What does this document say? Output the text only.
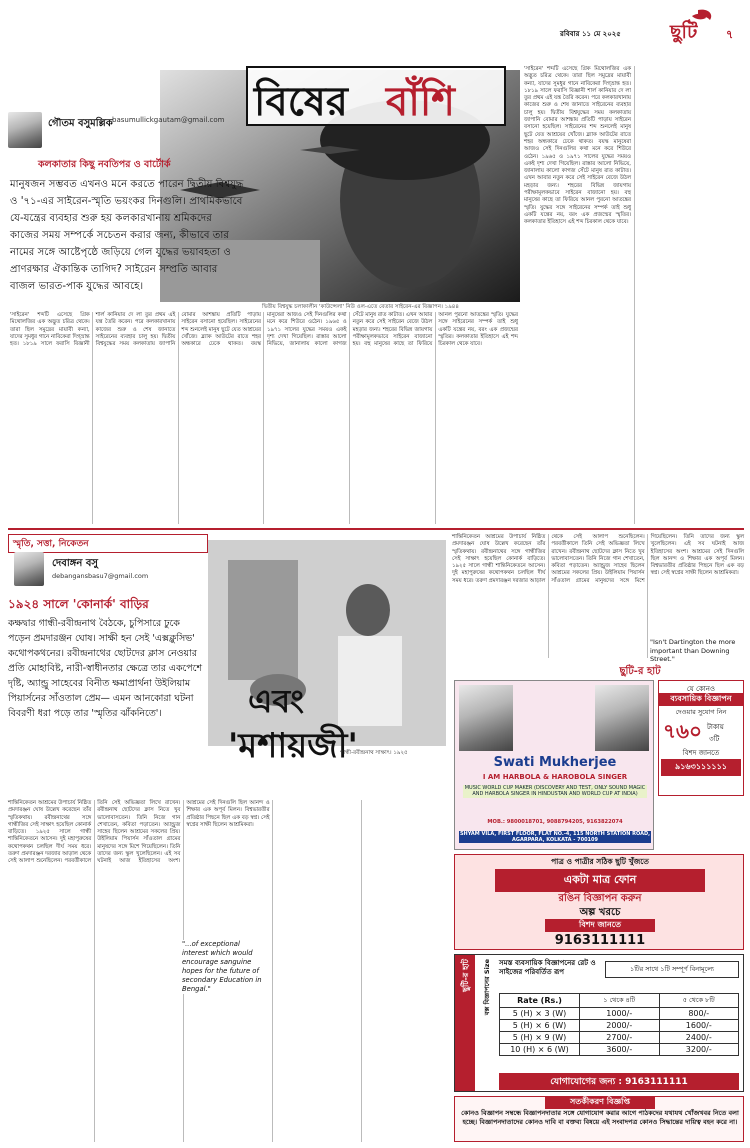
রবিবার ১১ মে ২০২৫	ছুটি	৭
বিষের বাঁশি
গৌতম বসুমল্লিক basumullickgautam@gmail.com
কলকাতার কিছু নবতিপর ও বার্টোর্ক
মানুষজন সম্ভবত এখনও মনে করতে পারেন দ্বিতীয় বিশ্বযুদ্ধ ও '৭১-এর সাইরেন-স্মৃতি ভয়ংকর দিনগুলি। প্রাথমিকভাবে যে-যন্ত্রের ব্যবহার শুরু হয় কলকারখানায় শ্রমিকদের কাজের সময় সম্পর্কে সচেতন করার জন্য, কীভাবে তার নামের সঙ্গে আষ্টেপৃষ্ঠে জড়িয়ে গেল যুদ্ধের ভয়াবহতা ও প্রাণরক্ষার ঐকান্তিক তাগিদ? সাইরেন সম্প্রতি আবার বাজল ভারত-পাক যুদ্ধের আবহে।
দ্বিতীয় বিশ্বযুদ্ধ চলাকালীন 'কাউন্সেলা' নিউ ওল-এতে বেতার সাইরেন-এর বিজ্ঞাপন। ১৯৪৪

'সাইরেন' শব্দটি এসেছে গ্রিক মিথোলজির এক অদ্ভুত চরিত্র থেকে। তারা ছিল সমুদ্রের মায়াবী কন্যা, যাদের সুমধুর গানে নাবিকেরা দিগ্ভ্রান্ত হত। ১৮১৯ সালে ফরাসি বিজ্ঞানী শার্ল কানিয়ার দে লা তুর প্রথম এই যন্ত্র তৈরি করেন। পরে কলকারখানায় কাজের শুরু ও শেষ জানাতে সাইরেনের ব্যবহার চালু হয়। দ্বিতীয় বিশ্বযুদ্ধের সময় কলকাতায় জাপানি বোমার আশঙ্কায় প্রতিটি পাড়ায় সাইরেন বসানো হয়েছিল। সাইরেনের শব্দ শুনলেই মানুষ ছুটে যেত আশ্রয়ের খোঁজে। ব্ল্যাক আউটের রাতে শহর অন্ধকারে ঢেকে থাকত। বয়স্ক মানুষেরা আজও সেই দিনগুলির কথা মনে করে শিউরে ওঠেন। ১৯৬৫ ও ১৯৭১ সালের যুদ্ধের সময়ও একই দৃশ্য দেখা গিয়েছিল। রাস্তার আলো নিভিয়ে, জানালায় কালো কাগজ সেঁটে মানুষ রাত কাটাত। এখন আবার নতুন করে সেই সাইরেন বেজে উঠল মহড়ার জন্য। শহরের বিভিন্ন জায়গায় পরীক্ষামূলকভাবে সাইরেন বাজানো হয়। বহু মানুষের কাছে তা ফিরিয়ে আনল পুরনো আতঙ্কের স্মৃতি। যুদ্ধের সঙ্গে সাইরেনের সম্পর্ক তাই শুধু একটি যন্ত্রের নয়, বরং এক প্রজন্মের স্মৃতির। কলকাতার ইতিহাসে এই শব্দ চিরকাল থেকে যাবে।

'সাইরেন' শব্দটি এসেছে গ্রিক মিথোলজির এক অদ্ভুত চরিত্র থেকে। তারা ছিল সমুদ্রের মায়াবী কন্যা, যাদের সুমধুর গানে নাবিকেরা দিগ্ভ্রান্ত হত। ১৮১৯ সালে ফরাসি বিজ্ঞানী শার্ল কানিয়ার দে লা তুর প্রথম এই যন্ত্র তৈরি করেন। পরে কলকারখানায় কাজের শুরু ও শেষ জানাতে সাইরেনের ব্যবহার চালু হয়। দ্বিতীয় বিশ্বযুদ্ধের সময় কলকাতায় জাপানি বোমার আশঙ্কায় প্রতিটি পাড়ায় সাইরেন বসানো হয়েছিল। সাইরেনের শব্দ শুনলেই মানুষ ছুটে যেত আশ্রয়ের খোঁজে। ব্ল্যাক আউটের রাতে শহর অন্ধকারে ঢেকে থাকত। বয়স্ক মানুষেরা আজও সেই দিনগুলির কথা মনে করে শিউরে ওঠেন। ১৯৬৫ ও ১৯৭১ সালের যুদ্ধের সময়ও একই দৃশ্য দেখা গিয়েছিল। রাস্তার আলো নিভিয়ে, জানালায় কালো কাগজ সেঁটে মানুষ রাত কাটাত। এখন আবার নতুন করে সেই সাইরেন বেজে উঠল মহড়ার জন্য। শহরের বিভিন্ন জায়গায় পরীক্ষামূলকভাবে সাইরেন বাজানো হয়। বহু মানুষের কাছে তা ফিরিয়ে আনল পুরনো আতঙ্কের স্মৃতি। যুদ্ধের সঙ্গে সাইরেনের সম্পর্ক তাই শুধু একটি যন্ত্রের নয়, বরং এক প্রজন্মের স্মৃতির। কলকাতার ইতিহাসে এই শব্দ চিরকাল থেকে যাবে।

স্মৃতি, সত্তা, নিকেতন
দেবাঙ্গন বসু
debangansbasu7@gmail.com
১৯২৪ সালে 'কোনার্ক' বাড়ির
কক্ষদ্বার গান্ধী-রবীন্দ্রনাথ বৈঠকে, চুপিসারে ঢুকে পড়েন প্রমদারঞ্জন ঘোষ। সাক্ষী হন সেই 'এক্সক্লুসিভ' কথোপকথনের। রবীন্দ্রনাথের ছোটদের ক্লাস নেওয়ার প্রতি মোহাবিষ্ট, নারী-স্বাধীনতার ক্ষেত্রে তার একপেশে দৃষ্টি, অ্যান্ড্রু সাহেবের বিনীত ক্ষমাপ্রার্থনা উইলিয়াম পিয়ার্সনের সাঁওতাল প্রেম— এমন আনকোরা ঘটনা বিবরণী ধরা পড়ে তার 'স্মৃতির ঝাঁকনিতে'।	এবং
'মশায়জী'
গান্ধী-রবীন্দ্রনাথ সাক্ষাৎ। ১৯২৫

শান্তিনিকেতন আশ্রমের উপাচার্য নিষ্ঠিত প্রমদারঞ্জন ঘোষ উল্লেখ করেছেন তাঁর স্মৃতিকথায়। রবীন্দ্রনাথের সঙ্গে গান্ধীজির সেই সাক্ষাৎ হয়েছিল কোনার্ক বাড়িতে। ১৯২৫ সালে গান্ধী শান্তিনিকেতনে আসেন। দুই মহাপুরুষের কথোপকথন চলছিল দীর্ঘ সময় ধরে। তরুণ প্রমদারঞ্জন দরজার আড়াল থেকে সেই আলাপ শুনেছিলেন। পরবর্তীকালে তিনি সেই অভিজ্ঞতা লিখে রাখেন। রবীন্দ্রনাথ ছোটদের ক্লাস নিতে খুব ভালোবাসতেন। তিনি নিজে গান শেখাতেন, কবিতা পড়াতেন। অ্যান্ড্রুজ সাহেব ছিলেন আশ্রমের সকলের প্রিয়। উইলিয়াম পিয়ার্সন সাঁওতাল গ্রামের মানুষদের সঙ্গে মিশে গিয়েছিলেন। তিনি তাদের জন্য স্কুল খুলেছিলেন। এই সব ঘটনাই আজ ইতিহাসের অংশ। আশ্রমের সেই দিনগুলি ছিল আনন্দ ও শিক্ষার এক অপূর্ব মিলন। বিশ্বভারতীর প্রতিষ্ঠার পিছনে ছিল এক বড় স্বপ্ন। সেই স্বপ্নের সাক্ষী ছিলেন আশ্রমিকরা।

"...of exceptional interest which would encourage sanguine hopes for the future of secondary Education in Bengal."

শান্তিনিকেতন আশ্রমের উপাচার্য নিষ্ঠিত প্রমদারঞ্জন ঘোষ উল্লেখ করেছেন তাঁর স্মৃতিকথায়। রবীন্দ্রনাথের সঙ্গে গান্ধীজির সেই সাক্ষাৎ হয়েছিল কোনার্ক বাড়িতে। ১৯২৫ সালে গান্ধী শান্তিনিকেতনে আসেন। দুই মহাপুরুষের কথোপকথন চলছিল দীর্ঘ সময় ধরে। তরুণ প্রমদারঞ্জন দরজার আড়াল থেকে সেই আলাপ শুনেছিলেন। পরবর্তীকালে তিনি সেই অভিজ্ঞতা লিখে রাখেন। রবীন্দ্রনাথ ছোটদের ক্লাস নিতে খুব ভালোবাসতেন। তিনি নিজে গান শেখাতেন, কবিতা পড়াতেন। অ্যান্ড্রুজ সাহেব ছিলেন আশ্রমের সকলের প্রিয়। উইলিয়াম পিয়ার্সন সাঁওতাল গ্রামের মানুষদের সঙ্গে মিশে গিয়েছিলেন। তিনি তাদের জন্য স্কুল খুলেছিলেন। এই সব ঘটনাই আজ ইতিহাসের অংশ। আশ্রমের সেই দিনগুলি ছিল আনন্দ ও শিক্ষার এক অপূর্ব মিলন। বিশ্বভারতীর প্রতিষ্ঠার পিছনে ছিল এক বড় স্বপ্ন। সেই স্বপ্নের সাক্ষী ছিলেন আশ্রমিকরা।

"Isn't Dartington the more important than Downing Street."
ছুটি-র হাট
Swati Mukherjee
I AM HARBOLA & HAROBOLA SINGER
MUSIC WORLD CUP MAKER (DISCOVERY AND TEST, ONLY SOUND MAGIC AND HARBOLA SINGER IN HINDUSTAN AND WORLD CUP AT INDIA)
MOB.: 9800018701, 9088794205, 9163822074
SHYAM VILA, FIRST FLOOR, FLAT NO.-4, 115 NORTH STATION ROAD, AGARPARA, KOLKATA - 700109
যে কোনও
ব্যবসায়িক বিজ্ঞাপন
দেওয়ার সুযোগ নিন
৭৬০ টাকায়
৩টি
বিশদ জানতে
৯১৬৩১১১১১১
পাত্র ও পাত্রীর সঠিক ছুটি খুঁজতে
একটা মাত্র ফোন
রঙিন বিজ্ঞাপন করুন
অল্প খরচে
বিশদ জানতে
9163111111
ছুটি-র হাট	বক্স বিজ্ঞাপনের Size	সমস্ত ব্যবসায়িক বিজ্ঞাপনের রেট ও সাইজের পরিবর্তিত রূপ
Rate (Rs.)	১ থেকে ৪টি	৫ থেকে ৮টি
5 (H) × 3 (W)	1000/-	800/-
5 (H) × 6 (W)	2000/-	1600/-
5 (H) × 9 (W)	2700/-	2400/-
10 (H) × 6 (W)	3600/-	3200/-
১টির সাথে ১টি সম্পূর্ণ বিনামূল্যে
যোগাযোগের জন্য : 9163111111
সতর্কীকরণ বিজ্ঞপ্তি
কোনও বিজ্ঞাপন সম্বন্ধে বিজ্ঞাপনদাতার সঙ্গে যোগাযোগ করার আগে পাঠকদের যথাযথ খোঁজখবর নিতে বলা হচ্ছে। বিজ্ঞাপনদাতাদের কোনও দাবি বা বক্তব্য বিষয়ে এই সংবাদপত্র কোনও সিদ্ধান্তের দায়িত্ব বহন করে না।
